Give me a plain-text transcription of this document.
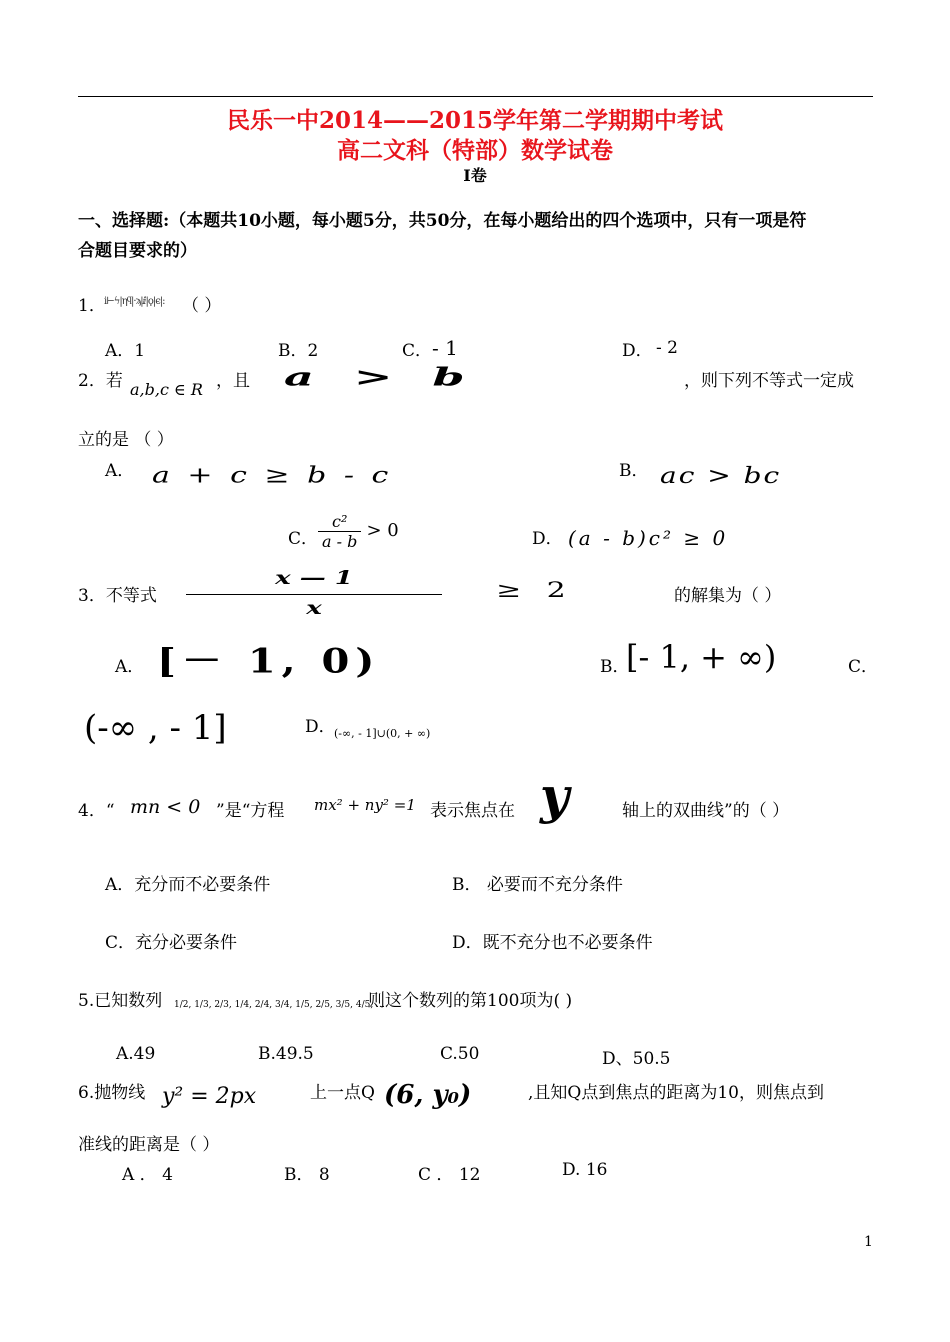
民乐一中2014——2015学年第二学期期中考试
高二文科（特部）数学试卷
I卷
一、选择题:（本题共10小题，每小题5分，共50分，在每小题给出的四个选项中，只有一项是符
合题目要求的）
1．
i⊢ϟ|ηϥ|·ϡ|ⅈ|ϙ|ϵ|: （ ）
A．1	B．2	C． - 1	D． - 2
2．若 a,b,c ∈ R ，且 a > b	，则下列不等式一定成
立的是 （ ）
A． a + c ≥ b - c	B． ac > bc
C． $\frac{\text{c²}}{a - b} > 0$	D． (a - b)c² ≥ 0
3．不等式
x — 1
x
≥ 2	的解集为（ ）
A． [－ 1, 0)	B．
[- 1, + ∞)	C．
(-∞ , - 1]	D．
(-∞, - 1]∪(0, + ∞)
4．“ mn < 0 ”是“方程 mx² + ny² =1 表示焦点在 y	轴上的双曲线”的（ ）
A．充分而不必要条件	B． 必要而不充分条件
C．充分必要条件	D．既不充分也不必要条件
5.已知数列 1/2, 1/3, 2/3, 1/4, 2/4, 3/4, 1/5, 2/5, 3/5, 4/5, …
则这个数列的第100项为( )
A.49	B.49.5	C.50	D、50.5
6.抛物线 y² = 2px	上一点Q (6, y₀)	,且知Q点到焦点的距离为10，则焦点到
准线的距离是（ ）
A ． 4	B． 8	C ． 12	D. 16
1
